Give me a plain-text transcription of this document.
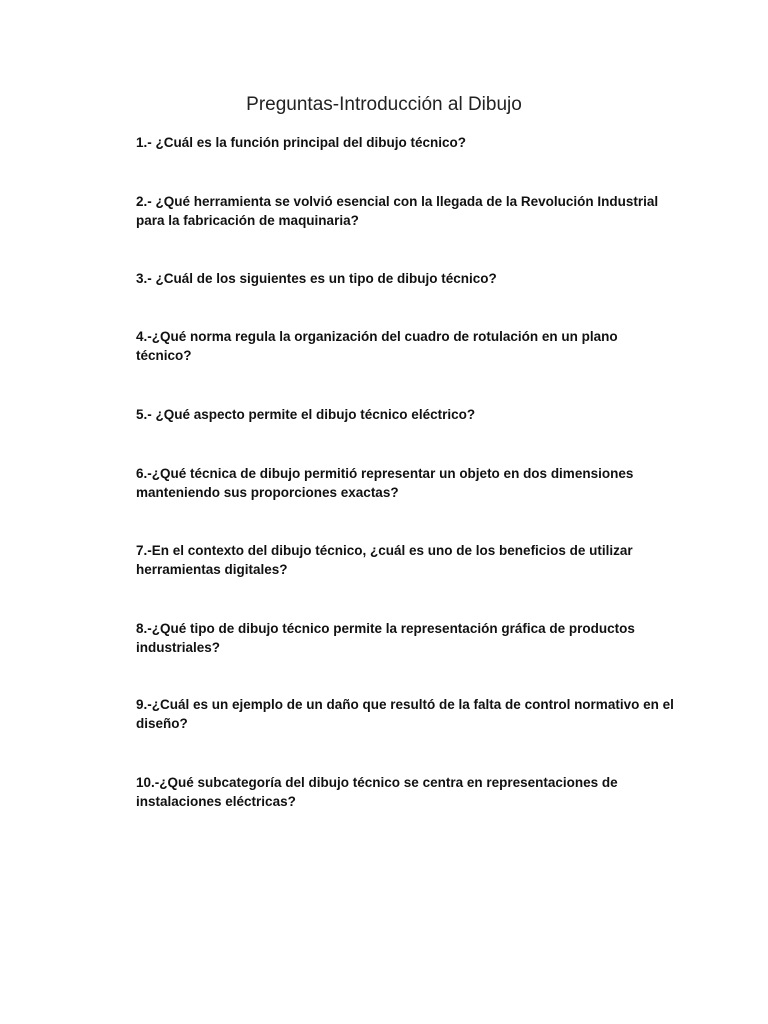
Preguntas-Introducción al Dibujo
1.- ¿Cuál es la función principal del dibujo técnico?
2.- ¿Qué herramienta se volvió esencial con la llegada de la Revolución Industrial para la fabricación de maquinaria?
3.- ¿Cuál de los siguientes es un tipo de dibujo técnico?
4.-¿Qué norma regula la organización del cuadro de rotulación en un plano técnico?
5.- ¿Qué aspecto permite el dibujo técnico eléctrico?
6.-¿Qué técnica de dibujo permitió representar un objeto en dos dimensiones manteniendo sus proporciones exactas?
7.-En el contexto del dibujo técnico, ¿cuál es uno de los beneficios de utilizar herramientas digitales?
8.-¿Qué tipo de dibujo técnico permite la representación gráfica de productos industriales?
9.-¿Cuál es un ejemplo de un daño que resultó de la falta de control normativo en el diseño?
10.-¿Qué subcategoría del dibujo técnico se centra en representaciones de instalaciones eléctricas?
